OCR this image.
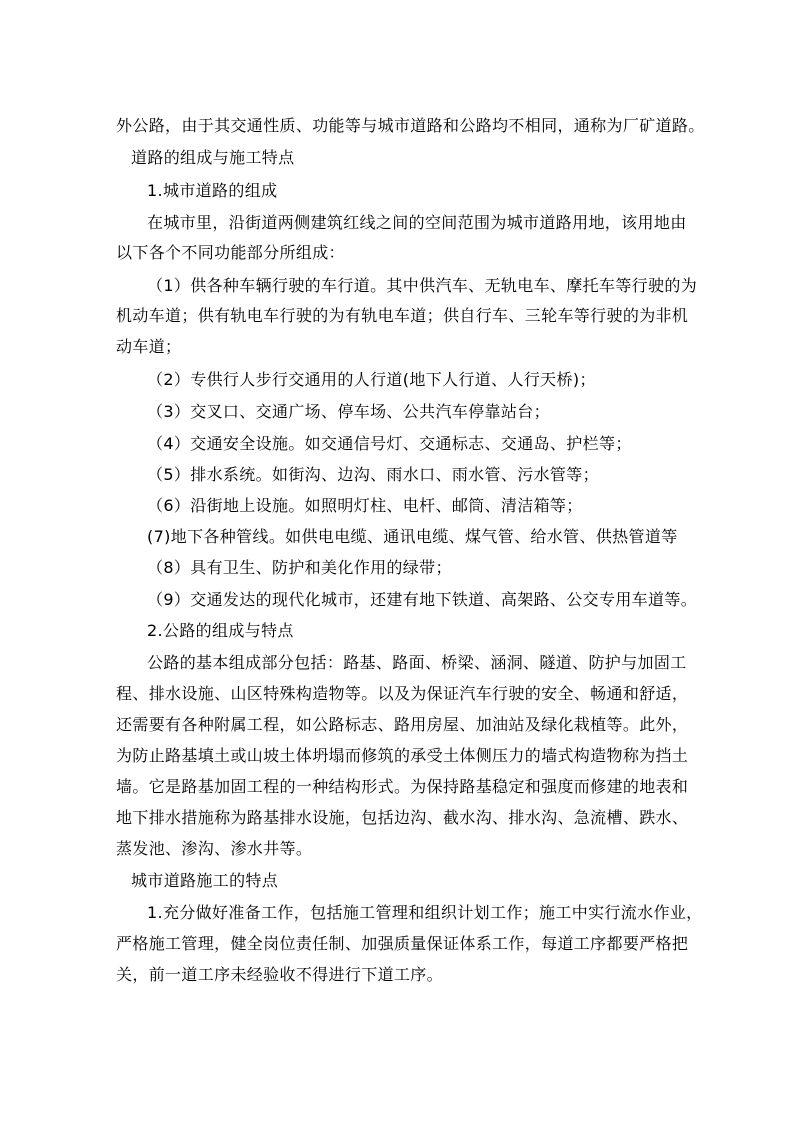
外公路，由于其交通性质、功能等与城市道路和公路均不相同，通称为厂矿道路。
道路的组成与施工特点
1.城市道路的组成
在城市里，沿街道两侧建筑红线之间的空间范围为城市道路用地，该用地由
以下各个不同功能部分所组成：
（1）供各种车辆行驶的车行道。其中供汽车、无轨电车、摩托车等行驶的为
机动车道；供有轨电车行驶的为有轨电车道；供自行车、三轮车等行驶的为非机
动车道；
（2）专供行人步行交通用的人行道(地下人行道、人行天桥)；
（3）交叉口、交通广场、停车场、公共汽车停靠站台；
（4）交通安全设施。如交通信号灯、交通标志、交通岛、护栏等；
（5）排水系统。如街沟、边沟、雨水口、雨水管、污水管等；
（6）沿街地上设施。如照明灯柱、电杆、邮筒、清洁箱等；
(7)地下各种管线。如供电电缆、通讯电缆、煤气管、给水管、供热管道等
（8）具有卫生、防护和美化作用的绿带；
（9）交通发达的现代化城市，还建有地下铁道、高架路、公交专用车道等。
2.公路的组成与特点
公路的基本组成部分包括：路基、路面、桥梁、涵洞、隧道、防护与加固工
程、排水设施、山区特殊构造物等。以及为保证汽车行驶的安全、畅通和舒适，
还需要有各种附属工程，如公路标志、路用房屋、加油站及绿化栽植等。此外，
为防止路基填土或山坡土体坍塌而修筑的承受土体侧压力的墙式构造物称为挡土
墙。它是路基加固工程的一种结构形式。为保持路基稳定和强度而修建的地表和
地下排水措施称为路基排水设施，包括边沟、截水沟、排水沟、急流槽、跌水、
蒸发池、渗沟、渗水井等。
城市道路施工的特点
1.充分做好准备工作，包括施工管理和组织计划工作；施工中实行流水作业，
严格施工管理，健全岗位责任制、加强质量保证体系工作，每道工序都要严格把
关，前一道工序未经验收不得进行下道工序。
